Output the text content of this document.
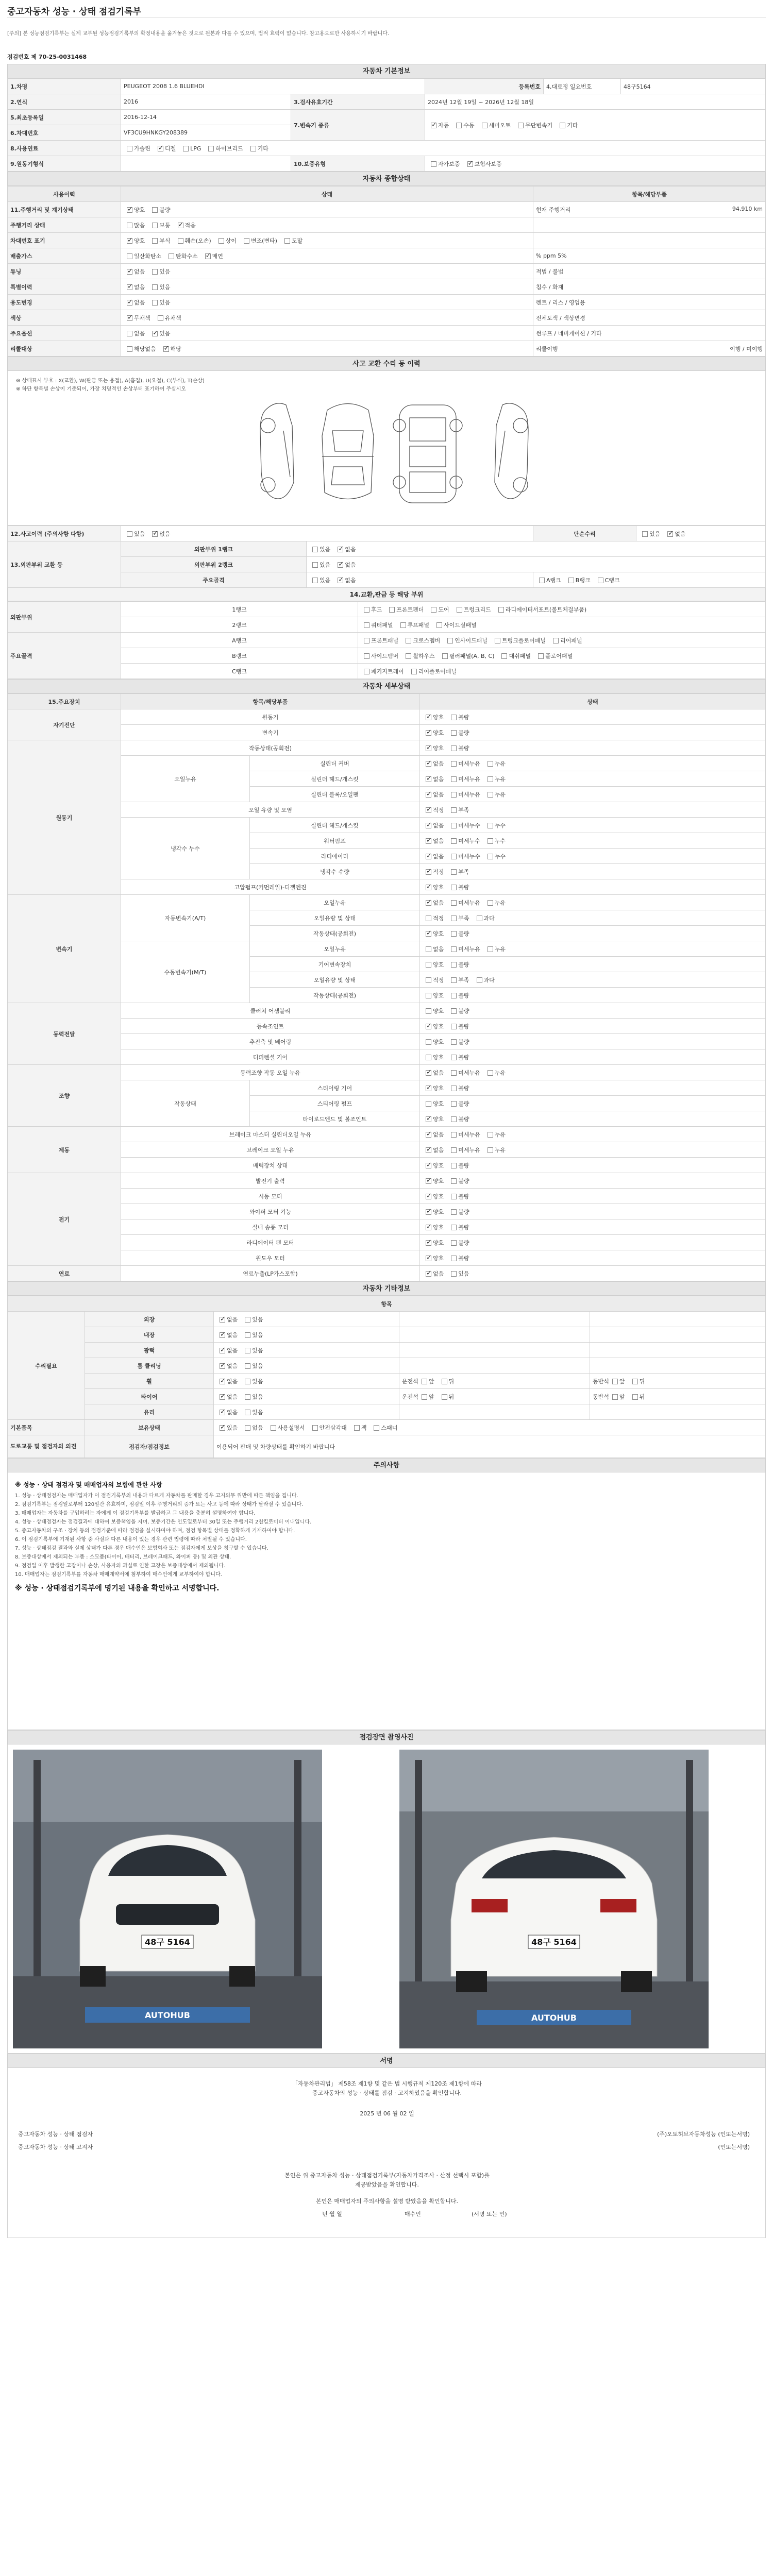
중고자동차 성능 · 상태 점검기록부
[주의] 본 성능점검기록부는 실제 교부된 성능점검기록부의 확정내용을 옮겨놓은 것으로 원본과 다를 수 있으며, 법적 효력이 없습니다. 참고용으로만 사용하시기 바랍니다.
점검번호 제 70-25-0031468
자동차 기본정보
1.차명	PEUGEOT 2008 1.6 BLUEHDI		등록번호	4,대료정 일요번호	48구5164
2.연식	2016	3.검사유효기간	2024년 12월 19일 ~ 2026년 12월 18일		
5.최초등록일	2016-12-14	7.변속기 종류	✓자동 수동 세미오토 무단변속기 기타
6.차대번호	VF3CU9HNKGY208389				
8.사용연료	가솔린 ✓ 디젤 LPG 하이브리드 기타
9.원동기형식		10.보증유형	자가보증 ✓ 보험사보증
자동차 종합상태
사용이력	상태	항목/해당부품
11.주행거리 및 계기상태	✓양호 불량	현재 주행거리 94,910 km

주행거리 상태	많음 보통 ✓ 적음	

차대번호 표기	✓양호 부식 훼손(오손) 상이 변조(변타) 도말	

배출가스	일산화탄소 탄화수소 ✓ 매연	% ppm 5%

튜닝	✓없음 있음	적법 / 불법

특별이력	✓없음 있음	침수 / 화재

용도변경	✓없음 있음	렌트 / 리스 / 영업용

색상	✓무채색 유채색	전체도색 / 색상변경

주요옵션	없음 ✓ 있음	썬루프 / 네비게이션 / 기타

리콜대상	해당없음 ✓ 해당	리콜이행 이행 / 미이행
사고 교환 수리 등 이력
※ 상태표시 부호 : X(교환), W(판금 또는 용접), A(흠집), U(요철), C(부식), T(손상)
※ 하단 항목별 손상이 기준되어, 가장 치명적인 손상부터 표기하여 주십시오
12.사고이력 (주의사항 다항)	있음 ✓ 없음		단순수리	있음 ✓ 없음
13.외판부위 교환 등	외판부위 1랭크	있음 ✓ 없음
	외판부위 2랭크	있음 ✓ 없음
	주요골격	있음 ✓ 없음	A랭크 B랭크 C랭크	
14.교환,판금 등 해당 부위
외판부위	1랭크	후드 프론트펜더 도어 트렁크리드 라디에이터서포트(볼트체결부품)
	2랭크	쿼터패널 루프패널 사이드실패널
주요골격	A랭크	프론트패널 크로스멤버 인사이드패널 트렁크플로어패널 리어패널
	B랭크	사이드멤버 휠하우스 필러패널(A, B, C) 대쉬패널 플로어패널
	C랭크	패키지트레이 리어플로어패널
자동차 세부상태
15.주요장치	항목/해당부품		상태
자기진단	원동기	✓양호 불량
	변속기	✓양호 불량
원동기	작동상태(공회전)	✓양호 불량
	오일누유	실린더 커버	✓없음 미세누유 누유
		실린더 헤드/개스킷	✓없음 미세누유 누유
		실린더 블록/오일팬	✓없음 미세누유 누유
	오일 유량 및 오염	✓적정 부족
	냉각수 누수	실린더 헤드/개스킷	✓없음 미세누수 누수
		워터펌프	✓없음 미세누수 누수
		라디에이터	✓없음 미세누수 누수
		냉각수 수량	✓적정 부족
	고압펌프(커먼레일)-디젤엔진	✓양호 불량
변속기	자동변속기(A/T)	오일누유	✓없음 미세누유 누유
		오일유량 및 상태	적정 부족 과다
		작동상태(공회전)	✓양호 불량
	수동변속기(M/T)	오일누유	없음 미세누유 누유
		기어변속장치	양호 불량
		오일유량 및 상태	적정 부족 과다
		작동상태(공회전)	양호 불량
동력전달	클러치 어셈블리		양호 불량
	등속조인트	✓양호 불량
	추진축 및 베어링		양호 불량
	디퍼렌셜 기어		양호 불량
조향	동력조향 작동 오일 누유	✓없음 미세누유 누유
	작동상태	스티어링 기어	✓양호 불량
		스티어링 펌프	양호 불량
		타이로드엔드 및 볼조인트	✓양호 불량
제동	브레이크 마스터 실린더오일 누유	✓없음 미세누유 누유
	브레이크 오일 누유	✓없음 미세누유 누유
	배력장치 상태	✓양호 불량
전기	발전기 출력	✓양호 불량
	시동 모터	✓양호 불량
	와이퍼 모터 기능	✓양호 불량
	실내 송풍 모터	✓양호 불량
	라디에이터 팬 모터	✓양호 불량
	윈도우 모터	✓양호 불량
연료	연료누출(LP가스포함)	✓없음 있음
자동차 기타정보
항목				
수리필요	외장	✓없음 있음		
	내장	✓없음 있음		
	광택	✓없음 있음		
	룸 클리닝	✓없음 있음		
	휠	✓없음 있음	운전석 앞 뒤	동반석 앞 뒤
	타이어	✓없음 있음	운전석 앞 뒤	동반석 앞 뒤
	유리	✓없음 있음		
기본품목	보유상태	✓있음 없음 사용설명서 안전삼각대 잭 스패너
도로교통 및 점검자의 의견	점검자/점검정보	이용되어 판매 및 차량상태를 확인하기 바랍니다		
주의사항
※ 성능 · 상태 점검자 및 매매업자의 보험에 관한 사항
1. 성능 · 상태점검자는 매매업자가 이 점검기록부의 내용과 다르게 자동차를 판매할 경우 고지의무 위반에 따른 책임을 집니다.
2. 점검기록부는 점검일로부터 120일간 유효하며, 점검일 이후 주행거리의 증가 또는 사고 등에 따라 상태가 달라질 수 있습니다.
3. 매매업자는 자동차를 구입하려는 자에게 이 점검기록부를 발급하고 그 내용을 충분히 설명하여야 합니다.
4. 성능 · 상태점검자는 점검결과에 대하여 보증책임을 지며, 보증기간은 인도일로부터 30일 또는 주행거리 2천킬로미터 이내입니다.
5. 중고자동차의 구조 · 장치 등의 점검기준에 따라 점검을 실시하여야 하며, 점검 항목별 상태를 정확하게 기재하여야 합니다.
6. 이 점검기록부에 기재된 사항 중 사실과 다른 내용이 있는 경우 관련 법령에 따라 처벌될 수 있습니다.
7. 성능 · 상태점검 결과와 실제 상태가 다른 경우 매수인은 보험회사 또는 점검자에게 보상을 청구할 수 있습니다.
8. 보증대상에서 제외되는 부품 : 소모품(타이어, 배터리, 브레이크패드, 와이퍼 등) 및 외관 상태.
9. 점검일 이후 발생한 고장이나 손상, 사용자의 과실로 인한 고장은 보증대상에서 제외됩니다.
10. 매매업자는 점검기록부를 자동차 매매계약서에 첨부하여 매수인에게 교부하여야 합니다.
※ 성능 · 상태점검기록부에 명기된 내용을 확인하고 서명합니다.
점검장면 촬영사진
48구 5164
AUTOHUB
48구 5164
AUTOHUB
서명
「자동차관리법」 제58조 제1항 및 같은 법 시행규칙 제120조 제1항에 따라
중고자동차의 성능 · 상태를 점검 · 고지하였음을 확인합니다.
2025 년 06 월 02 일
중고자동차 성능 · 상태 점검자	(주)오토허브자동차성능 (인또는서명)
중고자동차 성능 · 상태 고지자	(인또는서명)
본인은 위 중고자동차 성능 · 상태점검기록부(자동차가격조사 · 산정 선택시 포함)를
제공받았음을 확인합니다.
본인은 매매업자의 주의사항을 설명 받았음을 확인합니다.
년 월 일	매수인	(서명 또는 인)
